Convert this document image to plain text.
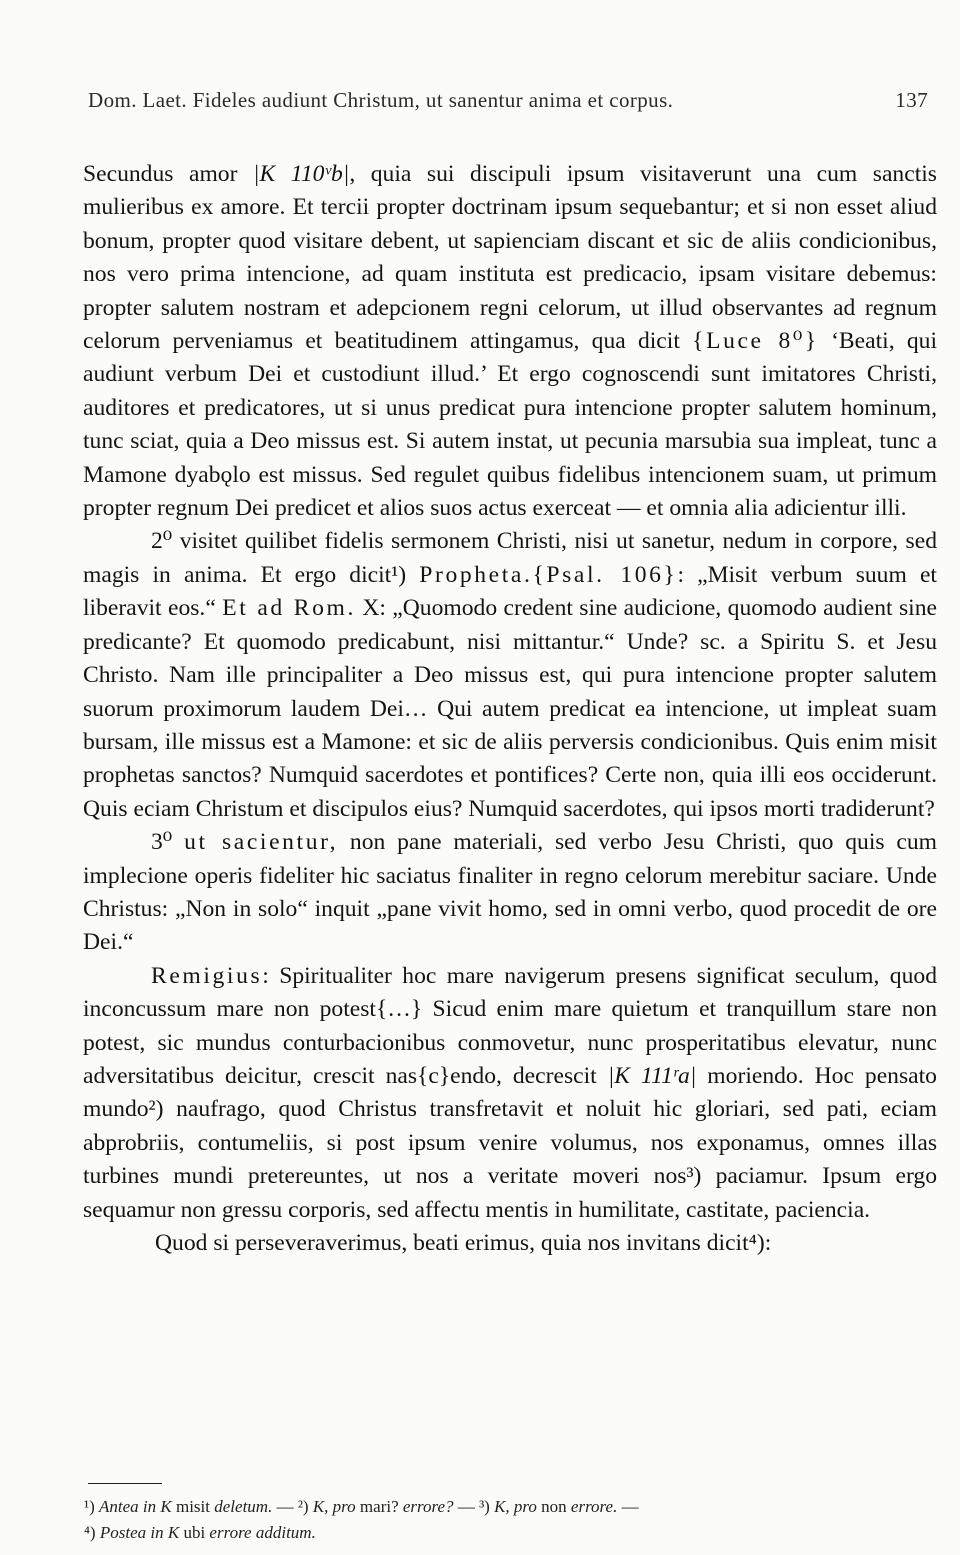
Dom. Laet. Fideles audiunt Christum, ut sanentur anima et corpus.	137

Secundus amor |K 110ᵛb|, quia sui discipuli ipsum visitaverunt una cum sanctis mulieribus ex amore. Et tercii propter doctrinam ipsum sequebantur; et si non esset aliud bonum, propter quod visitare debent, ut sapienciam discant et sic de aliis condicionibus, nos vero prima intencione, ad quam instituta est predicacio, ipsam visitare debemus: propter salutem nostram et adepcionem regni celorum, ut illud observantes ad regnum celorum perveniamus et beatitudinem attingamus, qua dicit {Luce 8⁰} ‘Beati, qui audiunt verbum Dei et custodiunt illud.’ Et ergo cognoscendi sunt imitatores Christi, auditores et predicatores, ut si unus predicat pura intencione propter salutem hominum, tunc sciat, quia a Deo missus est. Si autem instat, ut pecunia marsubia sua impleat, tunc a Mamone dyabǫlo est missus. Sed regulet quibus fidelibus intencionem suam, ut primum propter regnum Dei predicet et alios suos actus exerceat — et omnia alia adicientur illi.

2⁰ visitet quilibet fidelis sermonem Christi, nisi ut sanetur, nedum in corpore, sed magis in anima. Et ergo dicit¹) Propheta.{Psal. 106}: „Misit verbum suum et liberavit eos.“ Et ad Rom. X: „Quomodo credent sine audicione, quomodo audient sine predicante? Et quomodo predicabunt, nisi mittantur.“ Unde? sc. a Spiritu S. et Jesu Christo. Nam ille principaliter a Deo missus est, qui pura intencione propter salutem suorum proximorum laudem Dei… Qui autem predicat ea intencione, ut impleat suam bursam, ille missus est a Mamone: et sic de aliis perversis condicionibus. Quis enim misit prophetas sanctos? Numquid sacerdotes et pontifices? Certe non, quia illi eos occiderunt. Quis eciam Christum et discipulos eius? Numquid sacerdotes, qui ipsos morti tradiderunt?

3⁰ ut sacientur, non pane materiali, sed verbo Jesu Christi, quo quis cum implecione operis fideliter hic saciatus finaliter in regno celorum merebitur saciare. Unde Christus: „Non in solo“ inquit „pane vivit homo, sed in omni verbo, quod procedit de ore Dei.“

Remigius: Spiritualiter hoc mare navigerum presens significat seculum, quod inconcussum mare non potest{…} Sicud enim mare quietum et tranquillum stare non potest, sic mundus conturbacionibus conmovetur, nunc prosperitatibus elevatur, nunc adversitatibus deicitur, crescit nas{c}endo, decrescit |K 111ʳa| moriendo. Hoc pensato mundo²) naufrago, quod Christus transfretavit et noluit hic gloriari, sed pati, eciam abprobriis, contumeliis, si post ipsum venire volumus, nos exponamus, omnes illas turbines mundi pretereuntes, ut nos a veritate moveri nos³) paciamur. Ipsum ergo sequamur non gressu corporis, sed affectu mentis in humilitate, castitate, paciencia.

Quod si perseveraverimus, beati erimus, quia nos invitans dicit⁴):

¹) Antea in K misit deletum. — ²) K, pro mari? errore? — ³) K, pro non errore. —
⁴) Postea in K ubi errore additum.
